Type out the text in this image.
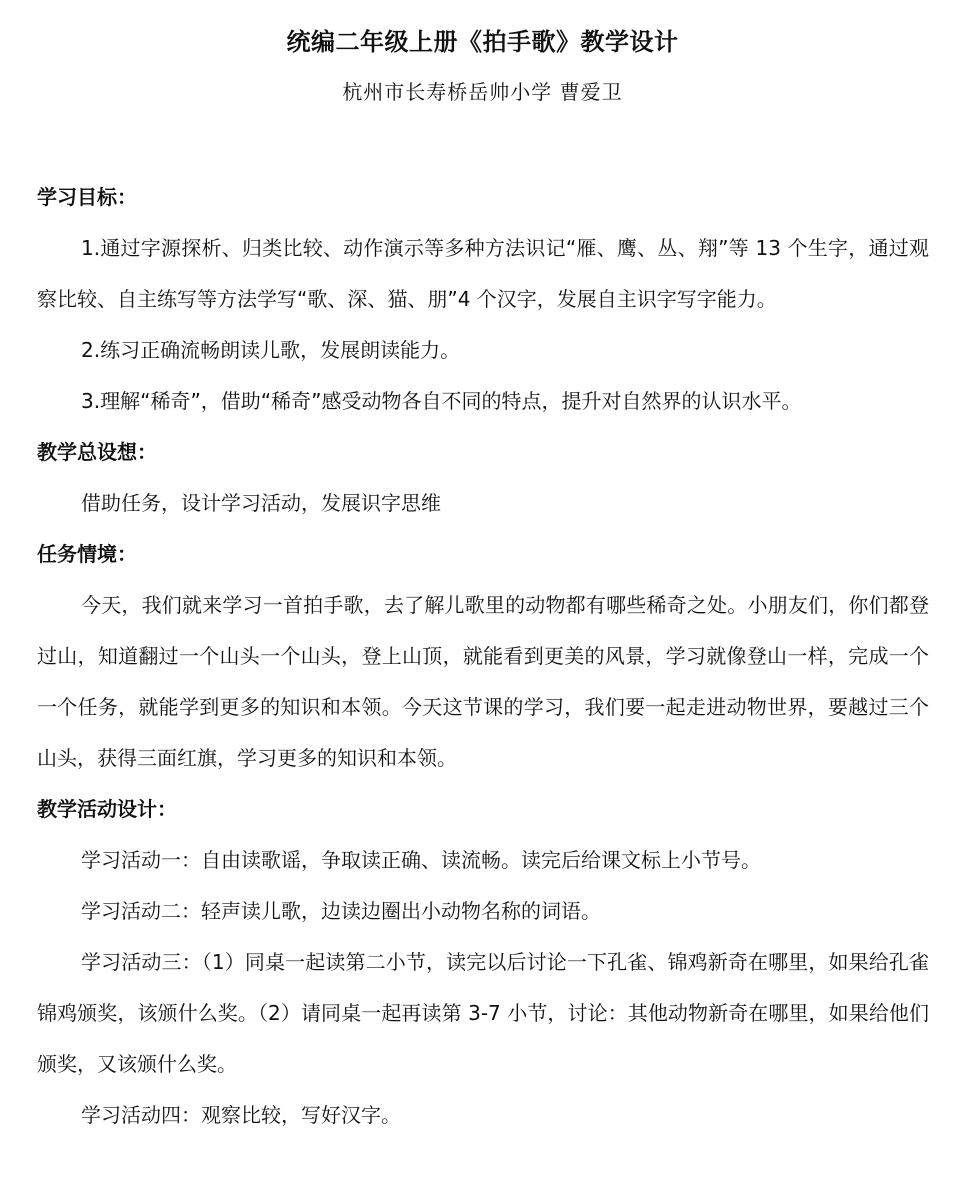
统编二年级上册《拍手歌》教学设计
杭州市长寿桥岳帅小学 曹爱卫
学习目标：

1.通过字源探析、归类比较、动作演示等多种方法识记“雁、鹰、丛、翔”等 13 个生字，通过观察比较、自主练写等方法学写“歌、深、猫、朋”4 个汉字，发展自主识字写字能力。

2.练习正确流畅朗读儿歌，发展朗读能力。

3.理解“稀奇”，借助“稀奇”感受动物各自不同的特点，提升对自然界的认识水平。

教学总设想：

借助任务，设计学习活动，发展识字思维

任务情境：

今天，我们就来学习一首拍手歌，去了解儿歌里的动物都有哪些稀奇之处。小朋友们，你们都登过山，知道翻过一个山头一个山头，登上山顶，就能看到更美的风景，学习就像登山一样，完成一个一个任务，就能学到更多的知识和本领。今天这节课的学习，我们要一起走进动物世界，要越过三个山头，获得三面红旗，学习更多的知识和本领。

教学活动设计：

学习活动一：自由读歌谣，争取读正确、读流畅。读完后给课文标上小节号。

学习活动二：轻声读儿歌，边读边圈出小动物名称的词语。

学习活动三：（1）同桌一起读第二小节，读完以后讨论一下孔雀、锦鸡新奇在哪里，如果给孔雀锦鸡颁奖，该颁什么奖。（2）请同桌一起再读第 3-7 小节，讨论：其他动物新奇在哪里，如果给他们颁奖，又该颁什么奖。

学习活动四：观察比较，写好汉字。
